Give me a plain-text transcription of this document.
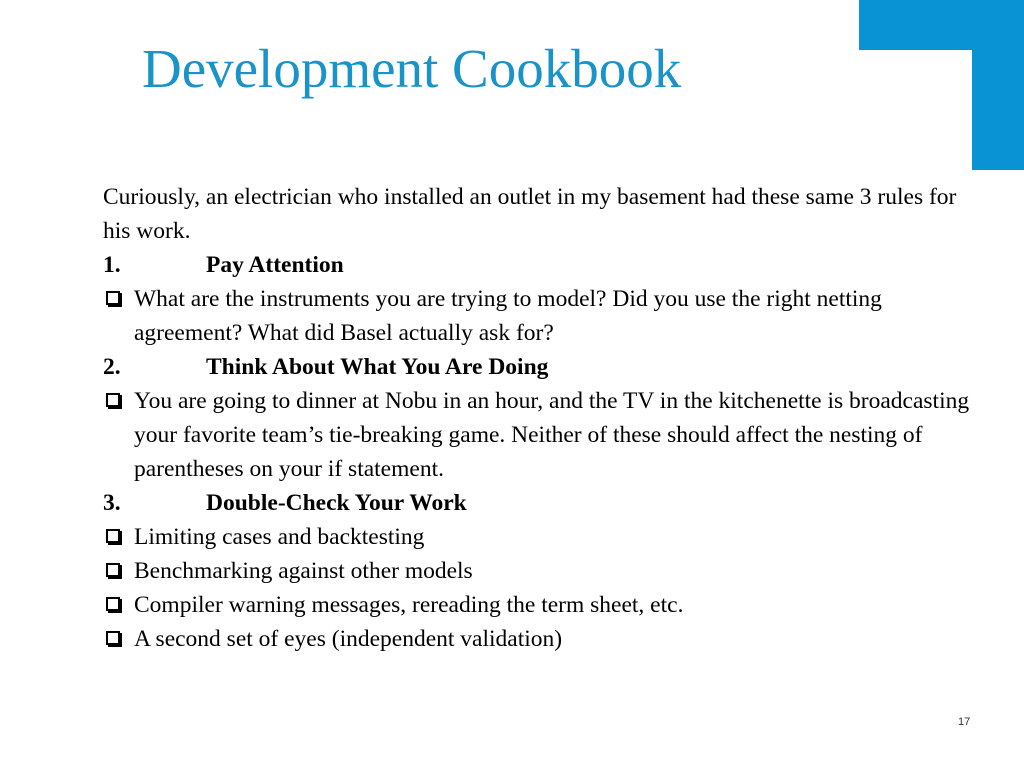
Development Cookbook

Curiously, an electrician who installed an outlet in my basement had these same 3 rules for his work.

1.	Pay Attention
What are the instruments you are trying to model? Did you use the right netting agreement? What did Basel actually ask for?
2.	Think About What You Are Doing
You are going to dinner at Nobu in an hour, and the TV in the kitchenette is broadcasting your favorite team’s tie-breaking game. Neither of these should affect the nesting of parentheses on your if statement.
3.	Double-Check Your Work
Limiting cases and backtesting
Benchmarking against other models
Compiler warning messages, rereading the term sheet, etc.
A second set of eyes (independent validation)
17
